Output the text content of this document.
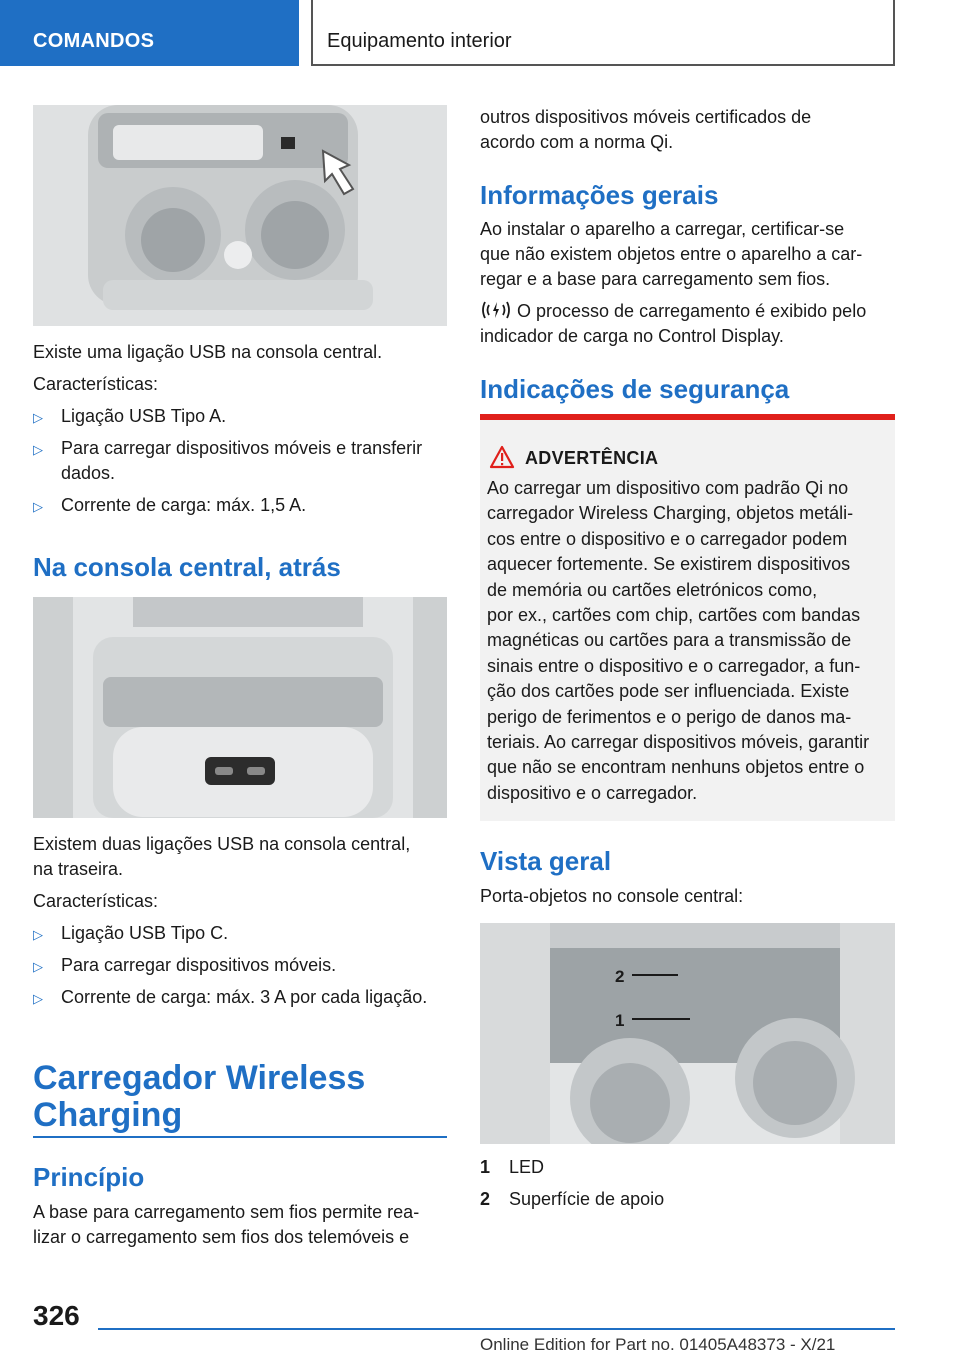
COMANDOS	Equipamento interior

Existe uma ligação USB na consola central.

Características:

▷ Ligação USB Tipo A.
▷ Para carregar dispositivos móveis e transferir

dados.

▷ Corrente de carga: máx. 1,5 A.
Na consola central, atrás

Existem duas ligações USB na consola central,

na traseira.

Características:

▷ Ligação USB Tipo C.
▷ Para carregar dispositivos móveis.
▷ Corrente de carga: máx. 3 A por cada ligação.
Carregador Wireless
Charging
Princípio

A base para carregamento sem fios permite rea-

lizar o carregamento sem fios dos telemóveis e

outros dispositivos móveis certificados de

acordo com a norma Qi.

Informações gerais

Ao instalar o aparelho a carregar, certificar-se

que não existem objetos entre o aparelho a car-

regar e a base para carregamento sem fios.

O processo de carregamento é exibido pelo

indicador de carga no Control Display.

Indicações de segurança
ADVERTÊNCIA
Ao carregar um dispositivo com padrão Qi no
carregador Wireless Charging, objetos metáli-
cos entre o dispositivo e o carregador podem
aquecer fortemente. Se existirem dispositivos
de memória ou cartões eletrónicos como,
por ex., cartões com chip, cartões com bandas
magnéticas ou cartões para a transmissão de
sinais entre o dispositivo e o carregador, a fun-
ção dos cartões pode ser influenciada. Existe
perigo de ferimentos e o perigo de danos ma-
teriais. Ao carregar dispositivos móveis, garantir
que não se encontram nenhuns objetos entre o
dispositivo e o carregador.
Vista geral

Porta-objetos no console central:

2
1
1 LED
2 Superfície de apoio
326
Online Edition for Part no. 01405A48373 - X/21
